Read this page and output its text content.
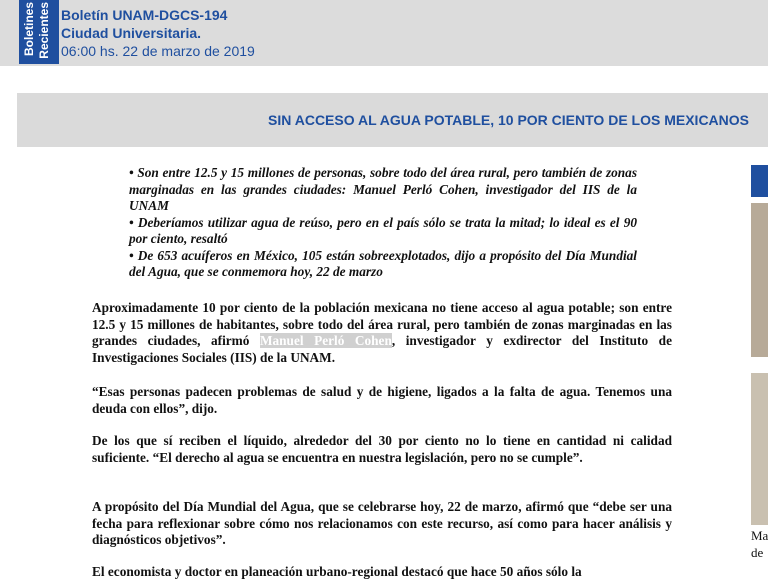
Boletines Recientes Boletín UNAM-DGCS-194
Ciudad Universitaria.
06:00 hs. 22 de marzo de 2019
SIN ACCESO AL AGUA POTABLE, 10 POR CIENTO DE LOS MEXICANOS
• Son entre 12.5 y 15 millones de personas, sobre todo del área rural, pero también de zonas marginadas en las grandes ciudades: Manuel Perló Cohen, investigador del IIS de la UNAM
• Deberíamos utilizar agua de reúso, pero en el país sólo se trata la mitad; lo ideal es el 90 por ciento, resaltó
• De 653 acuíferos en México, 105 están sobreexplotados, dijo a propósito del Día Mundial del Agua, que se conmemora hoy, 22 de marzo

Aproximadamente 10 por ciento de la población mexicana no tiene acceso al agua potable; son entre 12.5 y 15 millones de habitantes, sobre todo del área rural, pero también de zonas marginadas en las grandes ciudades, afirmó Manuel Perló Cohen, investigador y exdirector del Instituto de Investigaciones Sociales (IIS) de la UNAM.

“Esas personas padecen problemas de salud y de higiene, ligados a la falta de agua. Tenemos una deuda con ellos”, dijo.

De los que sí reciben el líquido, alrededor del 30 por ciento no lo tiene en cantidad ni calidad suficiente. “El derecho al agua se encuentra en nuestra legislación, pero no se cumple”.

A propósito del Día Mundial del Agua, que se celebrarse hoy, 22 de marzo, afirmó que “debe ser una fecha para reflexionar sobre cómo nos relacionamos con este recurso, así como para hacer análisis y diagnósticos objetivos”.

El economista y doctor en planeación urbano-regional destacó que hace 50 años sólo la

Ma
de
